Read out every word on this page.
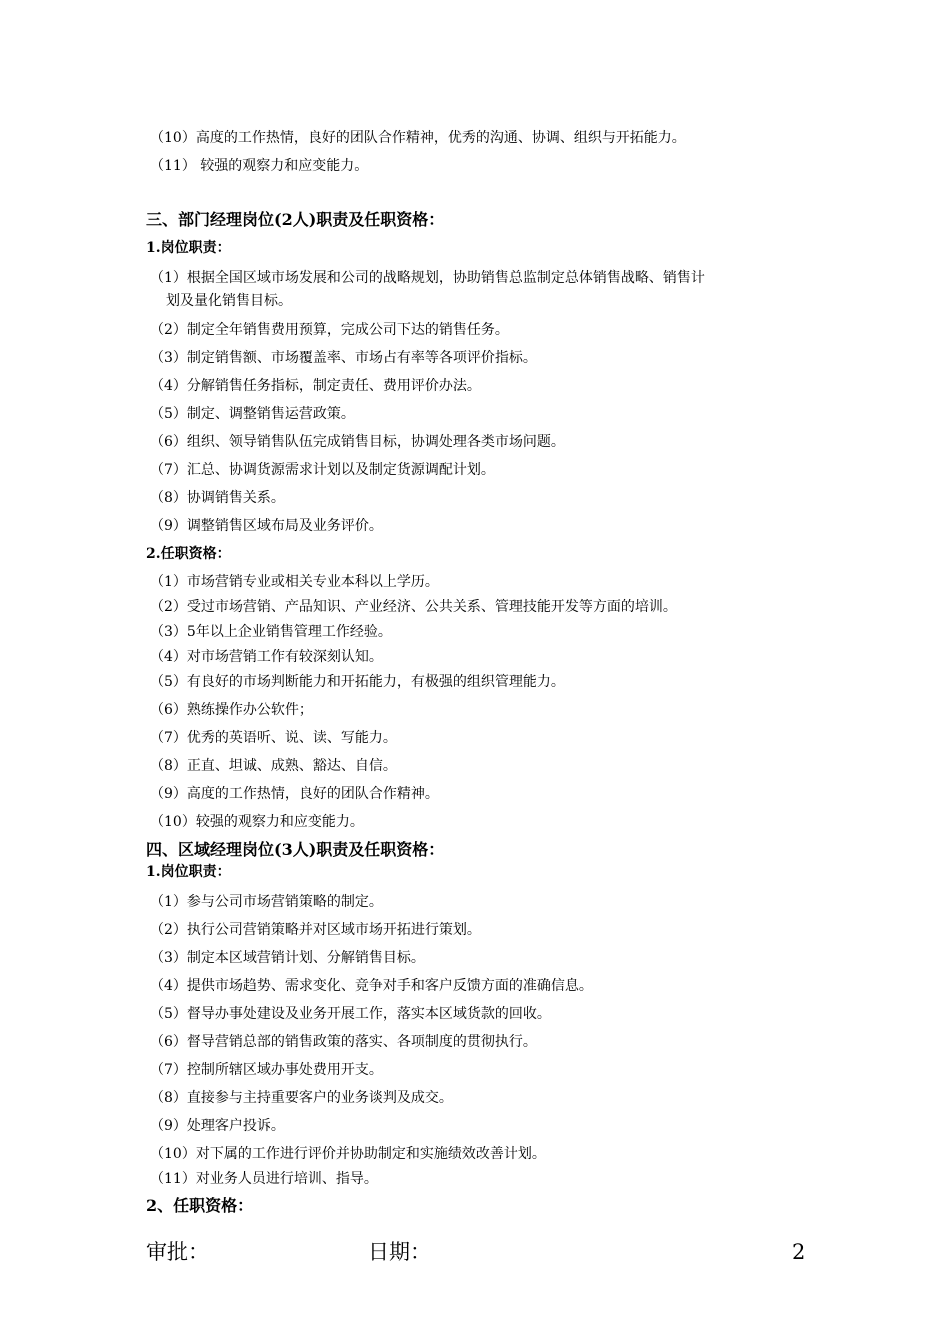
（10）高度的工作热情，良好的团队合作精神，优秀的沟通、协调、组织与开拓能力。
（11） 较强的观察力和应变能力。
三、部门经理岗位(2人)职责及任职资格：
1.岗位职责：
（1）根据全国区域市场发展和公司的战略规划，协助销售总监制定总体销售战略、销售计
划及量化销售目标。
（2）制定全年销售费用预算，完成公司下达的销售任务。
（3）制定销售额、市场覆盖率、市场占有率等各项评价指标。
（4）分解销售任务指标，制定责任、费用评价办法。
（5）制定、调整销售运营政策。
（6）组织、领导销售队伍完成销售目标，协调处理各类市场问题。
（7）汇总、协调货源需求计划以及制定货源调配计划。
（8）协调销售关系。
（9）调整销售区域布局及业务评价。
2.任职资格：
（1）市场营销专业或相关专业本科以上学历。
（2）受过市场营销、产品知识、产业经济、公共关系、管理技能开发等方面的培训。
（3）5年以上企业销售管理工作经验。
（4）对市场营销工作有较深刻认知。
（5）有良好的市场判断能力和开拓能力，有极强的组织管理能力。
（6）熟练操作办公软件；
（7）优秀的英语听、说、读、写能力。
（8）正直、坦诚、成熟、豁达、自信。
（9）高度的工作热情，良好的团队合作精神。
（10）较强的观察力和应变能力。
四、区域经理岗位(3人)职责及任职资格：
1.岗位职责：
（1）参与公司市场营销策略的制定。
（2）执行公司营销策略并对区域市场开拓进行策划。
（3）制定本区域营销计划、分解销售目标。
（4）提供市场趋势、需求变化、竞争对手和客户反馈方面的准确信息。
（5）督导办事处建设及业务开展工作，落实本区域货款的回收。
（6）督导营销总部的销售政策的落实、各项制度的贯彻执行。
（7）控制所辖区域办事处费用开支。
（8）直接参与主持重要客户的业务谈判及成交。
（9）处理客户投诉。
（10）对下属的工作进行评价并协助制定和实施绩效改善计划。
（11）对业务人员进行培训、指导。
2、任职资格：
审批：	日期：	2
